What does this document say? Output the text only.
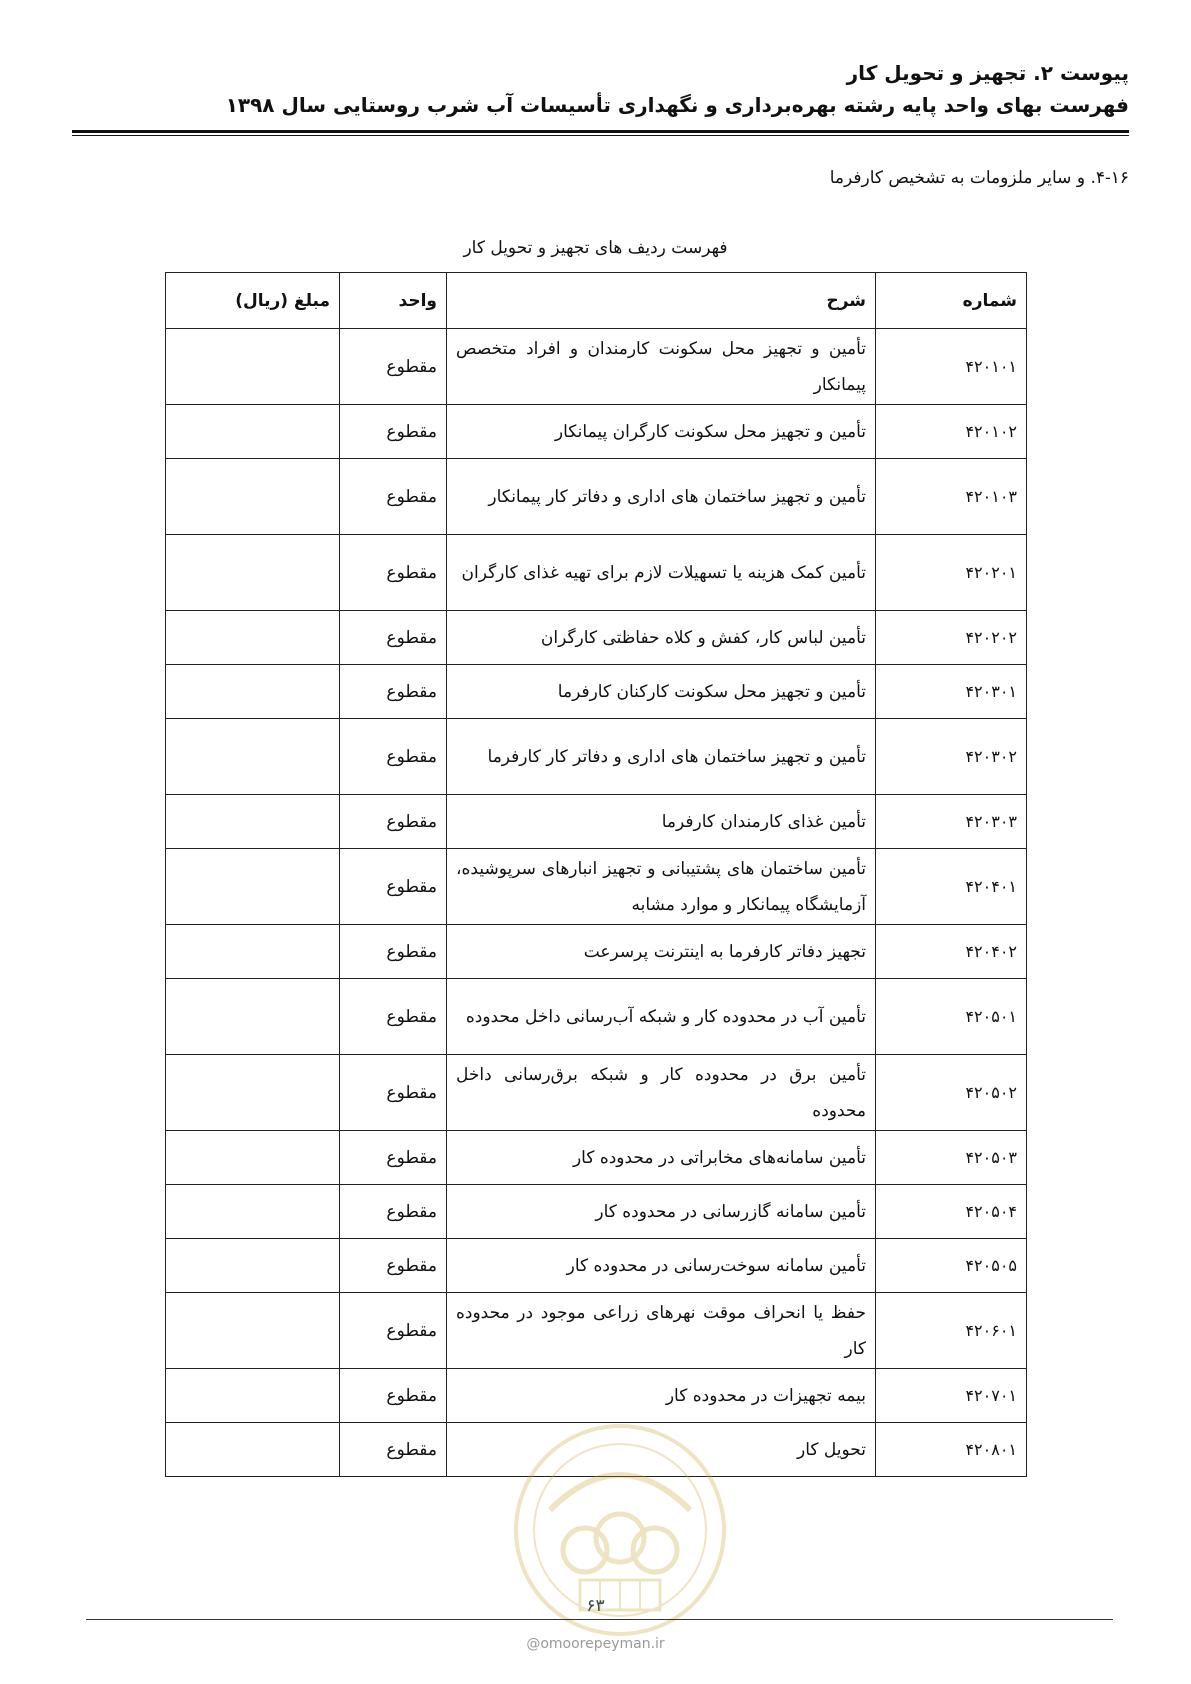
پیوست ۲. تجهیز و تحویل کار
فهرست بهای واحد پایه رشته بهره‌برداری و نگهداری تأسیسات آب شرب روستایی سال ۱۳۹۸
۴-۱۶. و سایر ملزومات به تشخیص کارفرما
فهرست ردیف های تجهیز و تحویل کار
شماره	شرح	واحد	مبلغ (ریال)
۴۲۰۱۰۱	تأمین و تجهیز محل سکونت کارمندان و افراد متخصص پیمانکار	مقطوع	
۴۲۰۱۰۲	تأمین و تجهیز محل سکونت کارگران پیمانکار	مقطوع	
۴۲۰۱۰۳	تأمین و تجهیز ساختمان های اداری و دفاتر کار پیمانکار	مقطوع	
۴۲۰۲۰۱	تأمین کمک هزینه یا تسهیلات لازم برای تهیه غذای کارگران	مقطوع	
۴۲۰۲۰۲	تأمین لباس کار، کفش و کلاه حفاظتی کارگران	مقطوع	
۴۲۰۳۰۱	تأمین و تجهیز محل سکونت کارکنان کارفرما	مقطوع	
۴۲۰۳۰۲	تأمین و تجهیز ساختمان های اداری و دفاتر کار کارفرما	مقطوع	
۴۲۰۳۰۳	تأمین غذای کارمندان کارفرما	مقطوع	
۴۲۰۴۰۱	تأمین ساختمان های پشتیبانی و تجهیز انبارهای سرپوشیده، آزمایشگاه پیمانکار و موارد مشابه	مقطوع	
۴۲۰۴۰۲	تجهیز دفاتر کارفرما به اینترنت پرسرعت	مقطوع	
۴۲۰۵۰۱	تأمین آب در محدوده کار و شبکه آب‌رسانی داخل محدوده	مقطوع	
۴۲۰۵۰۲	تأمین برق در محدوده کار و شبکه برق‌رسانی داخل محدوده	مقطوع	
۴۲۰۵۰۳	تأمین سامانه‌های مخابراتی در محدوده کار	مقطوع	
۴۲۰۵۰۴	تأمین سامانه گازرسانی در محدوده کار	مقطوع	
۴۲۰۵۰۵	تأمین سامانه سوخت‌رسانی در محدوده کار	مقطوع	
۴۲۰۶۰۱	حفظ یا انحراف موقت نهرهای زراعی موجود در محدوده کار	مقطوع	
۴۲۰۷۰۱	بیمه تجهیزات در محدوده کار	مقطوع	
۴۲۰۸۰۱	تحویل کار	مقطوع	
۶۳
@omoorepeyman.ir
